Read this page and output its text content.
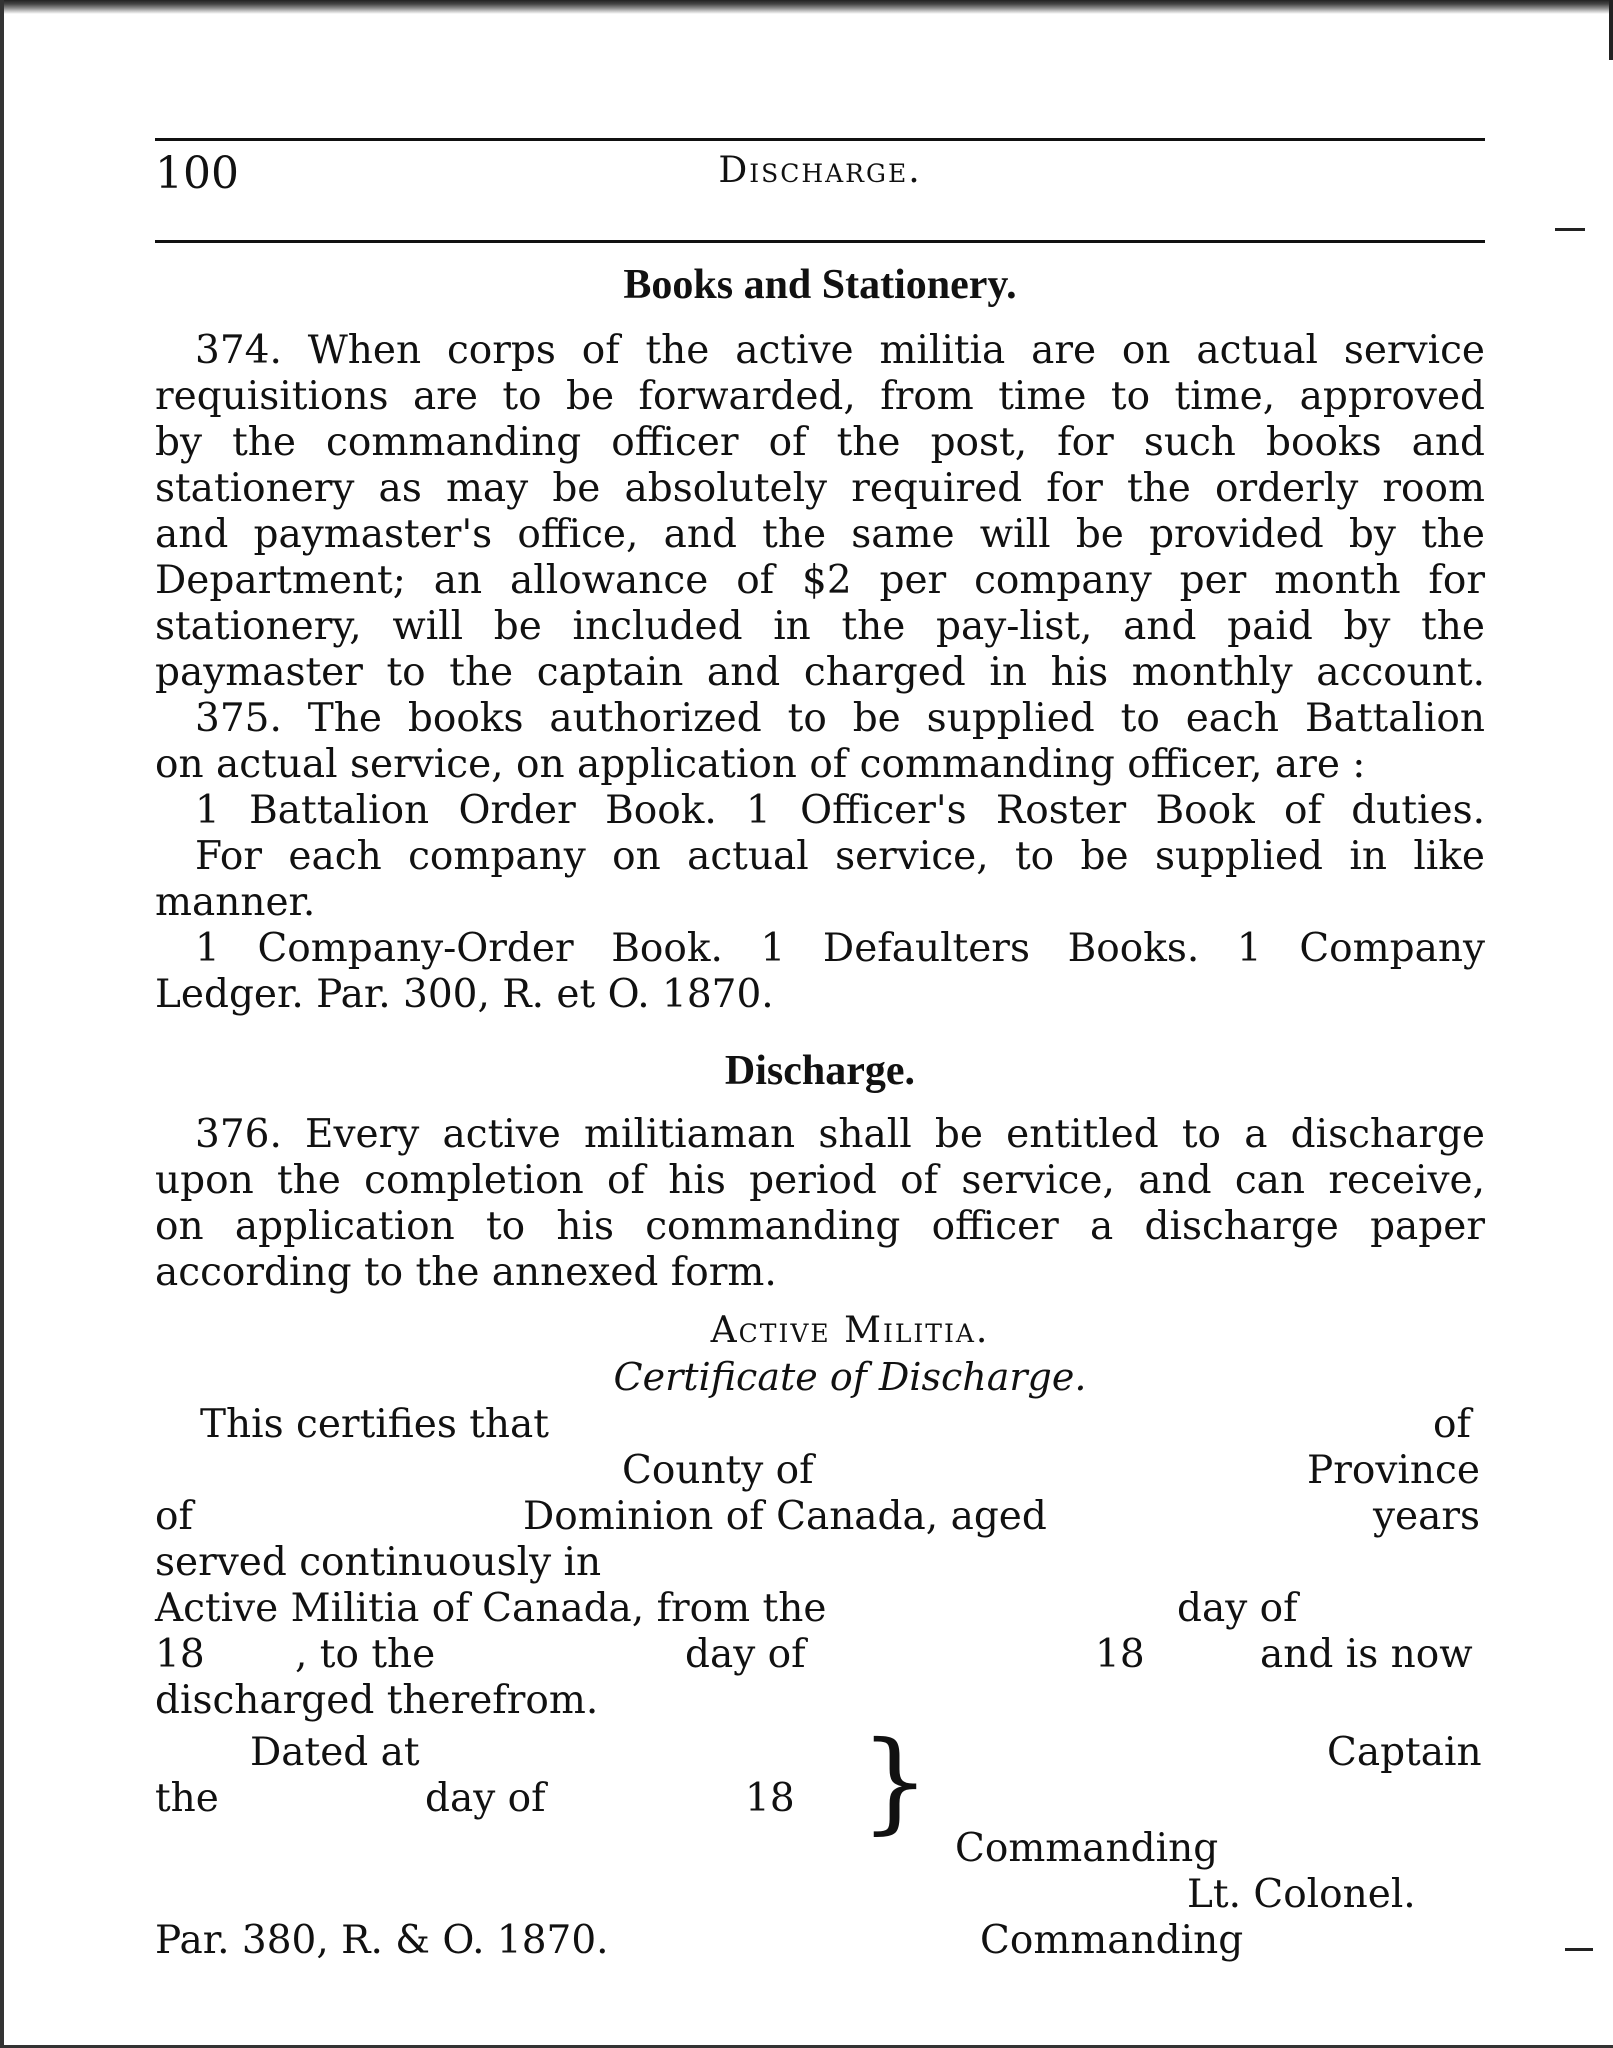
100	Discharge.
Books and Stationery.
374. When corps of the active militia are on actual service
requisitions are to be forwarded, from time to time, approved
by the commanding officer of the post, for such books and
stationery as may be absolutely required for the orderly room
and paymaster's office, and the same will be provided by the
Department; an allowance of $2 per company per month for
stationery, will be included in the pay-list, and paid by the
paymaster to the captain and charged in his monthly account.
375. The books authorized to be supplied to each Battalion
on actual service, on application of commanding officer, are :
1 Battalion Order Book. 1 Officer's Roster Book of duties.
For each company on actual service, to be supplied in like
manner.
1 Company-Order Book. 1 Defaulters Books. 1 Company
Ledger. Par. 300, R. et O. 1870.
Discharge.
376. Every active militiaman shall be entitled to a discharge
upon the completion of his period of service, and can receive,
on application to his commanding officer a discharge paper
according to the annexed form.
Active Militia.
Certificate of Discharge.
This certifies that	of
County of	Province
of	Dominion of Canada, aged	years
served continuously in
Active Militia of Canada, from the	day of
18 , to the	day of	18	and is now
discharged therefrom.
Dated at	Captain
the	day of	18 }
Commanding
Lt. Colonel.
Par. 380, R. & O. 1870.	Commanding
